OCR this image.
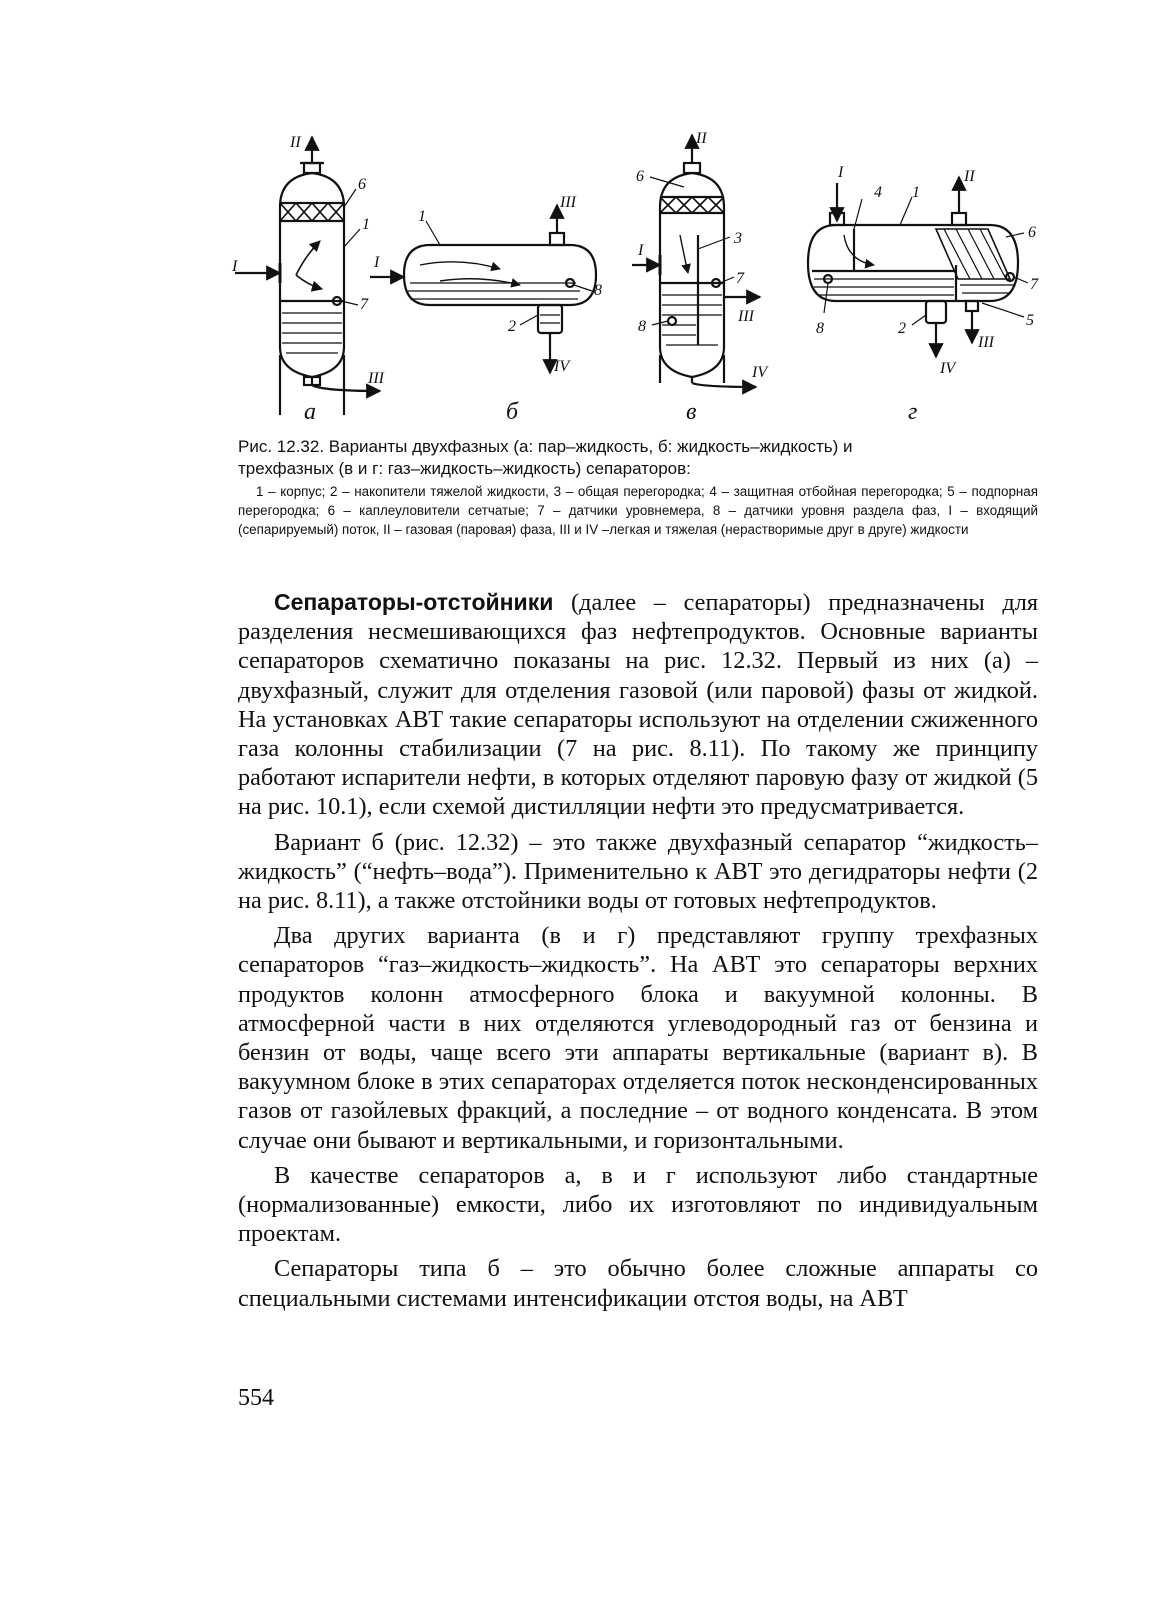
II
6
1
I
7
III
1
III
I
8
2
IV
II
6
3
I
7
III
8
IV
I
4 1
II
6
7
5
8	2
III
IV
а	б	в	г
Рис. 12.32. Варианты двухфазных (а: пар–жидкость, б: жидкость–жидкость) и
трехфазных (в и г: газ–жидкость–жидкость) сепараторов:
1 – корпус; 2 – накопители тяжелой жидкости, 3 – общая перегородка; 4 – защитная отбойная перегородка; 5 – подпорная перегородка; 6 – каплеуловители сетчатые; 7 – датчики уровнемера, 8 – датчики уровня раздела фаз, I – входящий (сепарируемый) поток, II – газовая (паровая) фаза, III и IV –легкая и тяжелая (нерастворимые друг в друге) жидкости

Сепараторы-отстойники (далее – сепараторы) предназначены для разделения несмешивающихся фаз нефтепродуктов. Основные варианты сепараторов схематично показаны на рис. 12.32. Первый из них (а) – двухфазный, служит для отделения газовой (или паровой) фазы от жидкой. На установках АВТ такие сепараторы используют на отделении сжиженного газа колонны стабилизации (7 на рис. 8.11). По такому же принципу работают испарители нефти, в которых отделяют паровую фазу от жидкой (5 на рис. 10.1), если схемой дистилляции нефти это предусматривается.

Вариант б (рис. 12.32) – это также двухфазный сепаратор “жидкость–жидкость” (“нефть–вода”). Применительно к АВТ это дегидраторы нефти (2 на рис. 8.11), а также отстойники воды от готовых нефтепродуктов.

Два других варианта (в и г) представляют группу трехфазных сепараторов “газ–жидкость–жидкость”. На АВТ это сепараторы верхних продуктов колонн атмосферного блока и вакуумной колонны. В атмосферной части в них отделяются углеводородный газ от бензина и бензин от воды, чаще всего эти аппараты вертикальные (вариант в). В вакуумном блоке в этих сепараторах отделяется поток несконденсированных газов от газойлевых фракций, а последние – от водного конденсата. В этом случае они бывают и вертикальными, и горизонтальными.

В качестве сепараторов а, в и г используют либо стандартные (нормализованные) емкости, либо их изготовляют по индивидуальным проектам.

Сепараторы типа б – это обычно более сложные аппараты со специальными системами интенсификации отстоя воды, на АВТ

554
